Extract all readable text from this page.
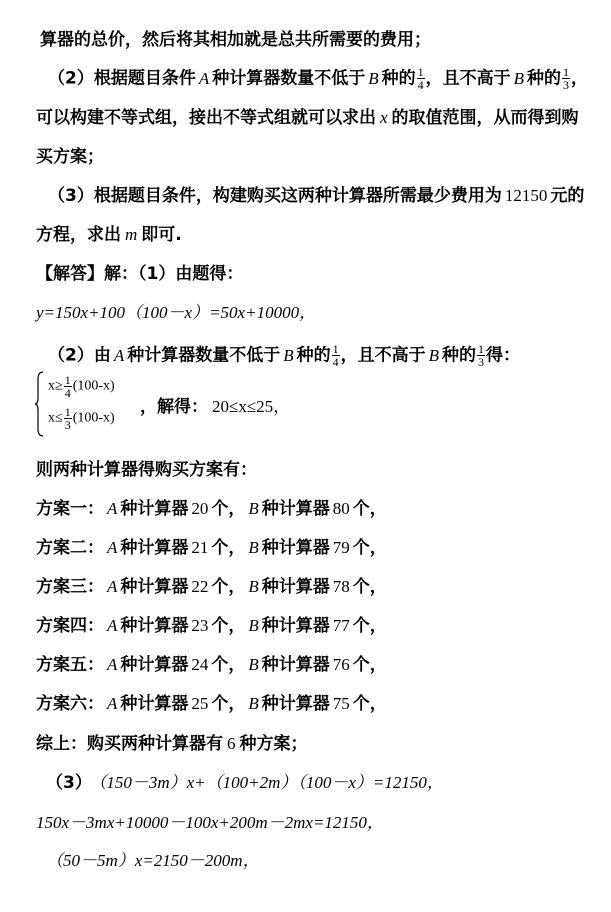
算器的总价，然后将其相加就是总共所需要的费用；
（2）根据题目条件 A 种计算器数量不低于 B 种的 $\frac{1}{4}$ ，且不高于 B 种的 $\frac{1}{3}$ ，
可以构建不等式组，接出不等式组就可以求出 x 的取值范围，从而得到购
买方案；
（3）根据题目条件，构建购买这两种计算器所需最少费用为 12150 元的
方程，求出 m 即可.
【解答】解：（1）由题得：
y=150x+100（100－x）=50x+10000，
（2）由 A 种计算器数量不低于 B 种的 $\frac{1}{4}$ ，且不高于 B 种的 $\frac{1}{3}$ 得：
$x\ge \frac{1}{4} (100-x)$
$x\le \frac{1}{3} (100-x)$
，解得： 20≤x≤25，
则两种计算器得购买方案有：
方案一： A 种计算器 20 个， B 种计算器 80 个，
方案二： A 种计算器 21 个， B 种计算器 79 个，
方案三： A 种计算器 22 个， B 种计算器 78 个，
方案四： A 种计算器 23 个， B 种计算器 77 个，
方案五： A 种计算器 24 个， B 种计算器 76 个，
方案六： A 种计算器 25 个， B 种计算器 75 个，
综上：购买两种计算器有 6 种方案；
（3） （150－3m）x+（100+2m）（100－x）=12150，
150x－3mx+10000－100x+200m－2mx=12150，
（50－5m）x=2150－200m，
